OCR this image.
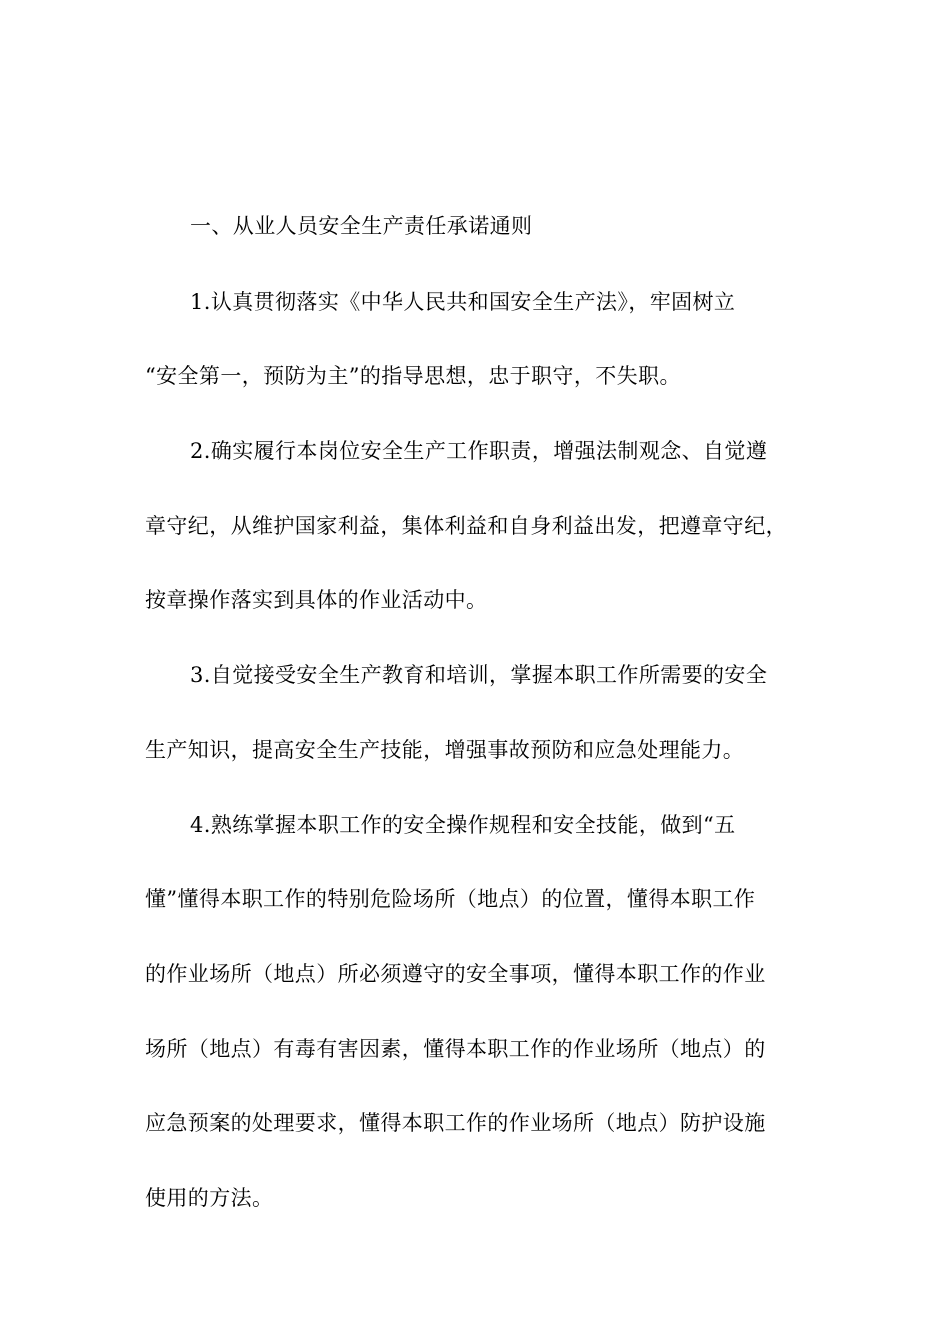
一、从业人员安全生产责任承诺通则
1.认真贯彻落实《中华人民共和国安全生产法》，牢固树立
“安全第一，预防为主”的指导思想，忠于职守，不失职。
2.确实履行本岗位安全生产工作职责，增强法制观念、自觉遵
章守纪，从维护国家利益，集体利益和自身利益出发，把遵章守纪，
按章操作落实到具体的作业活动中。
3.自觉接受安全生产教育和培训，掌握本职工作所需要的安全
生产知识，提高安全生产技能，增强事故预防和应急处理能力。
4.熟练掌握本职工作的安全操作规程和安全技能，做到“五
懂”懂得本职工作的特别危险场所（地点）的位置，懂得本职工作
的作业场所（地点）所必须遵守的安全事项，懂得本职工作的作业
场所（地点）有毒有害因素，懂得本职工作的作业场所（地点）的
应急预案的处理要求，懂得本职工作的作业场所（地点）防护设施
使用的方法。
